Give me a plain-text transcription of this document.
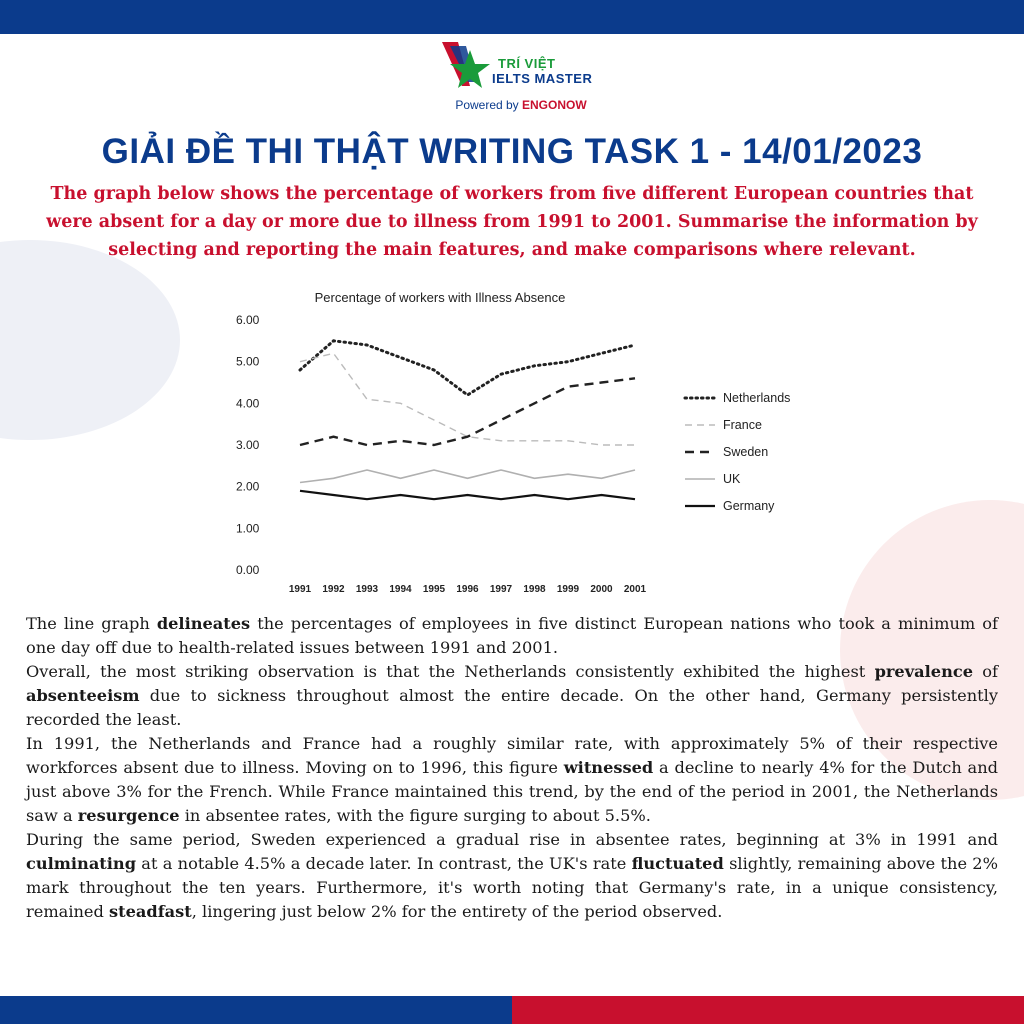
TRÍ VIỆT
IELTS MASTER
Powered by ENGONOW
GIẢI ĐỀ THI THẬT WRITING TASK 1 - 14/01/2023
The graph below shows the percentage of workers from five different European countries that were absent for a day or more due to illness from 1991 to 2001. Summarise the information by selecting and reporting the main features, and make comparisons where relevant.
Percentage of workers with Illness Absence
6.00
5.00
4.00
3.00
2.00
1.00
0.00
1991 1992 1993 1994 1995 1996 1997 1998 1999 2000 2001
Netherlands
France
Sweden
UK
Germany

The line graph delineates the percentages of employees in five distinct European nations who took a minimum of one day off due to health-related issues between 1991 and 2001.

Overall, the most striking observation is that the Netherlands consistently exhibited the highest prevalence of absenteeism due to sickness throughout almost the entire decade. On the other hand, Germany persistently recorded the least.

In 1991, the Netherlands and France had a roughly similar rate, with approximately 5% of their respective workforces absent due to illness. Moving on to 1996, this figure witnessed a decline to nearly 4% for the Dutch and just above 3% for the French. While France maintained this trend, by the end of the period in 2001, the Netherlands saw a resurgence in absentee rates, with the figure surging to about 5.5%.

During the same period, Sweden experienced a gradual rise in absentee rates, beginning at 3% in 1991 and culminating at a notable 4.5% a decade later. In contrast, the UK's rate fluctuated slightly, remaining above the 2% mark throughout the ten years. Furthermore, it's worth noting that Germany's rate, in a unique consistency, remained steadfast, lingering just below 2% for the entirety of the period observed.
